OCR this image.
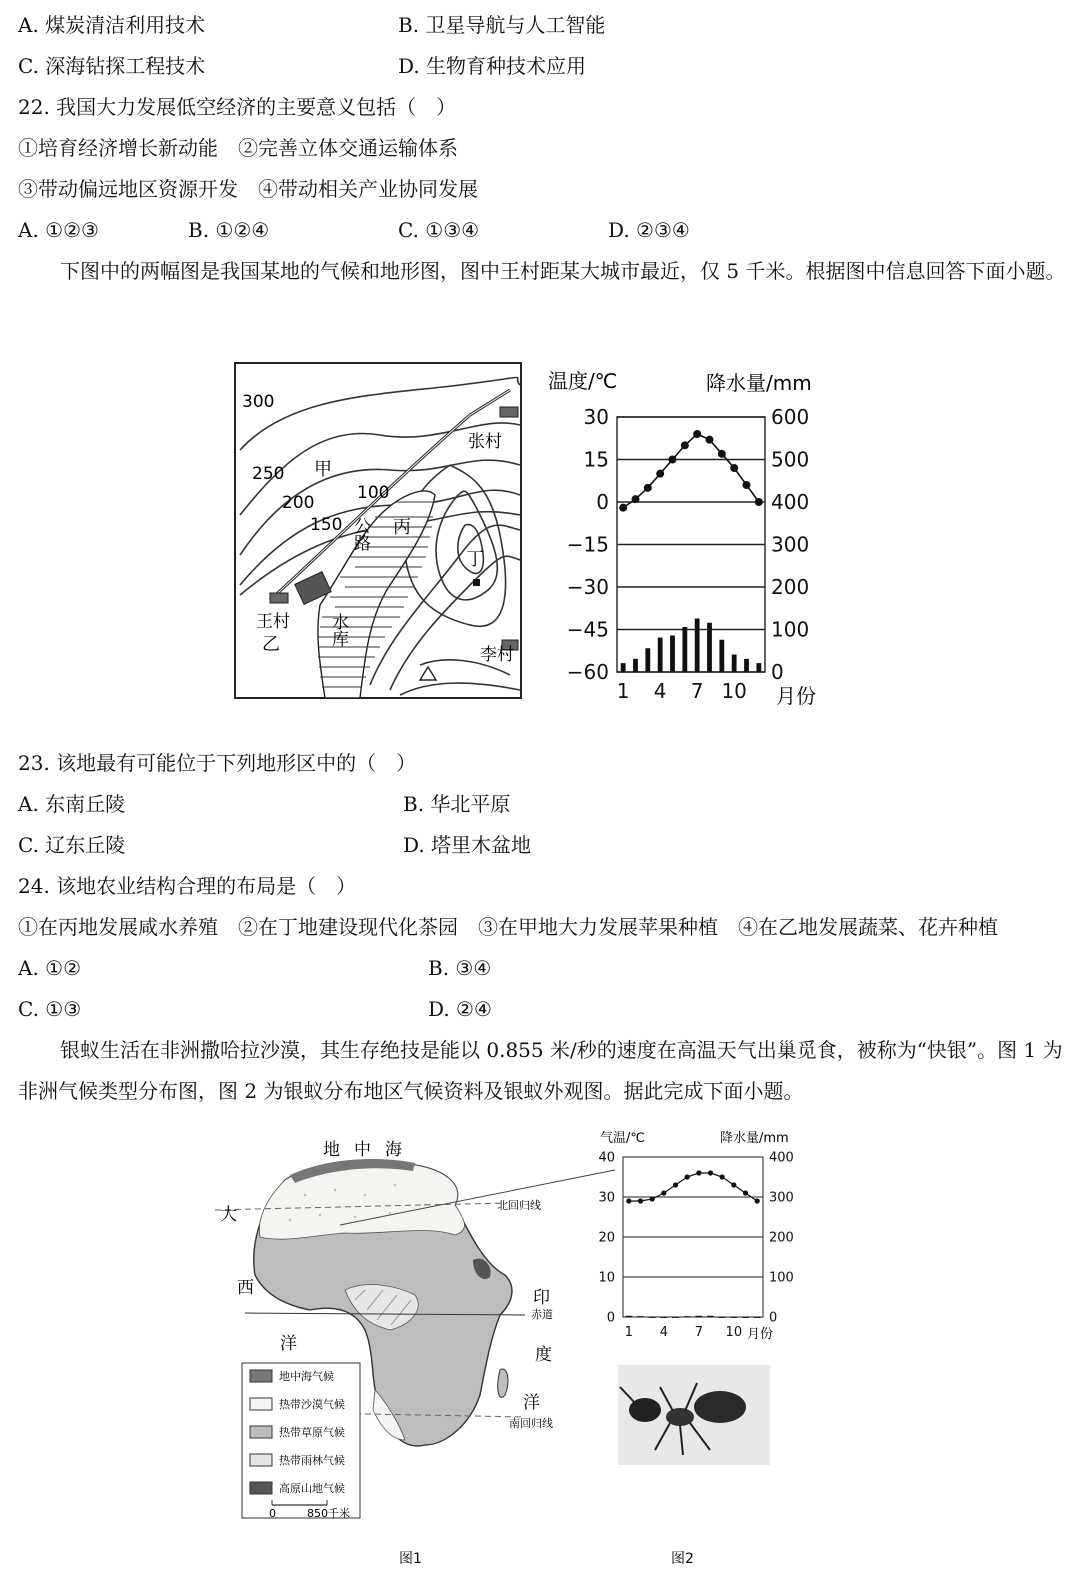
A. 煤炭清洁利用技术	B. 卫星导航与人工智能
C. 深海钻探工程技术	D. 生物育种技术应用
22. 我国大力发展低空经济的主要意义包括（　）
①培育经济增长新动能　②完善立体交通运输体系
③带动偏远地区资源开发　④带动相关产业协同发展
A. ①②③	B. ①②④	C. ①③④	D. ②③④
下图中的两幅图是我国某地的气候和地形图，图中王村距某大城市最近，仅 5 千米。根据图中信息回答下面小题。
300
250
200
150
100
甲
丙
丁
乙
王村
张村
李村
公路
水库
温度/℃	降水量/mm
30
15
0
−15
−30
−45
−60
600
500
400
300
200
100
0
1 4 7 10 月份
23. 该地最有可能位于下列地形区中的（　）
A. 东南丘陵	B. 华北平原
C. 辽东丘陵	D. 塔里木盆地
24. 该地农业结构合理的布局是（　）
①在丙地发展咸水养殖　②在丁地建设现代化茶园　③在甲地大力发展苹果种植　④在乙地发展蔬菜、花卉种植
A. ①②	B. ③④
C. ①③	D. ②④
银蚁生活在非洲撒哈拉沙漠，其生存绝技是能以 0.855 米/秒的速度在高温天气出巢觅食，被称为“快银”。图 1 为非洲气候类型分布图，图 2 为银蚁分布地区气候资料及银蚁外观图。据此完成下面小题。
地中海
大
西
洋
印
度
洋
北回归线
赤道
南回归线
地中海气候
热带沙漠气候
热带草原气候
热带雨林气候
高原山地气候
0	850千米
图1
气温/℃	降水量/mm
40
30
20
10
0
400
300
200
100
0
1 4 7 10 月份
图2
